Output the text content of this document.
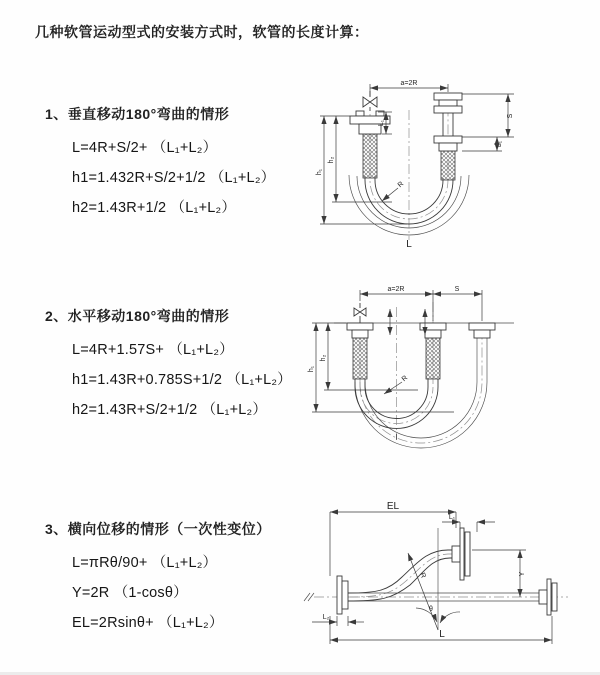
几种软管运动型式的安装方式时，软管的长度计算：
1、垂直移动180°弯曲的情形
L=4R+S/2+ （L₁+L₂）
h1=1.432R+S/2+1/2 （L₁+L₂）
h2=1.43R+1/2 （L₁+L₂）
2、水平移动180°弯曲的情形
L=4R+1.57S+ （L₁+L₂）
h1=1.43R+0.785S+1/2 （L₁+L₂）
h2=1.43R+S/2+1/2 （L₁+L₂）
3、横向位移的情形（一次性变位）
L=πRθ/90+ （L₁+L₂）
Y=2R （1-cosθ）
EL=2Rsinθ+ （L₁+L₂）
a=2R
L₁
S
L₁
h₁
h₂
R
L
a=2R	S
h₁
h₂
R
θ
R
EL
L₁
Y
L₂
L
